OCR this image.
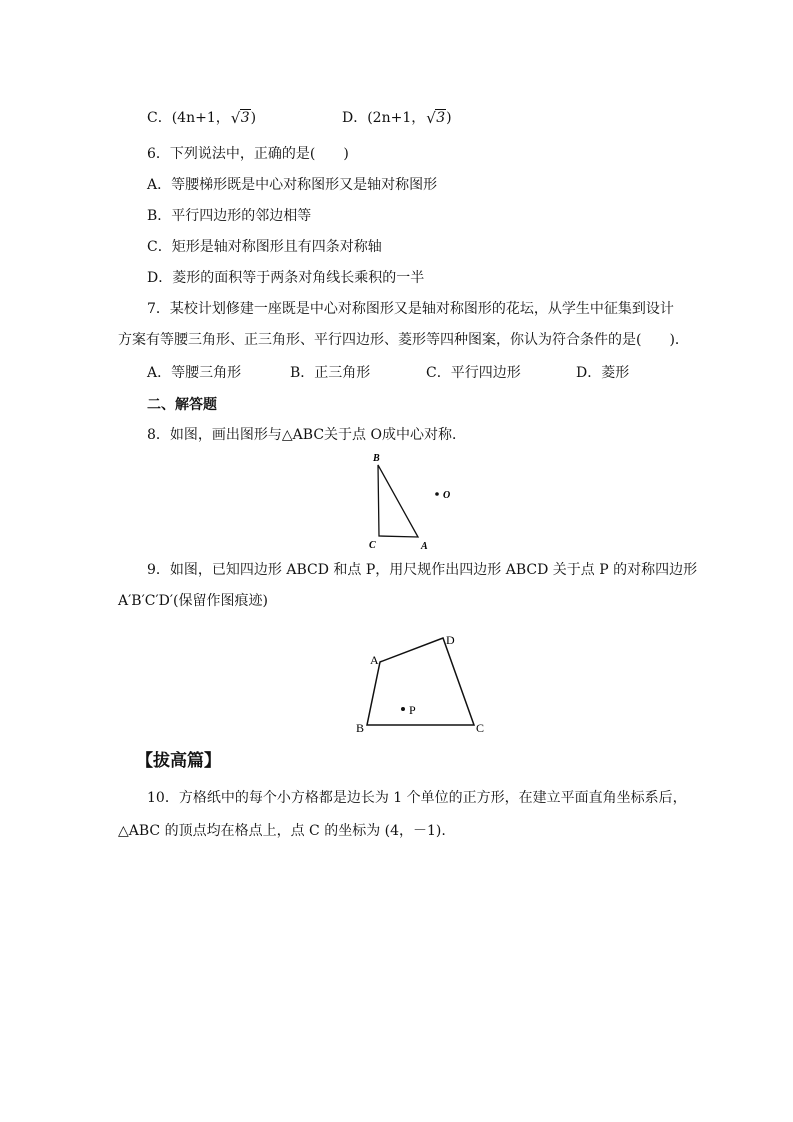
C．(4n+1， √ 3)	D．(2n+1， √ 3)
6．下列说法中，正确的是(　　)
A．等腰梯形既是中心对称图形又是轴对称图形
B．平行四边形的邻边相等
C．矩形是轴对称图形且有四条对称轴
D．菱形的面积等于两条对角线长乘积的一半
7．某校计划修建一座既是中心对称图形又是轴对称图形的花坛，从学生中征集到设计
方案有等腰三角形、正三角形、平行四边形、菱形等四种图案，你认为符合条件的是(　　)．
A．等腰三角形	B．正三角形	C．平行四边形	D．菱形
二、解答题
8．如图，画出图形与△ABC关于点 O成中心对称．
B
C	A
O
9．如图，已知四边形 ABCD 和点 P，用尺规作出四边形 ABCD 关于点 P 的对称四边形
A′B′C′D′(保留作图痕迹)
A
D
B	C
P
【拔高篇】
10．方格纸中的每个小方格都是边长为 1 个单位的正方形，在建立平面直角坐标系后，
△ABC 的顶点均在格点上，点 C 的坐标为 (4，－1).
